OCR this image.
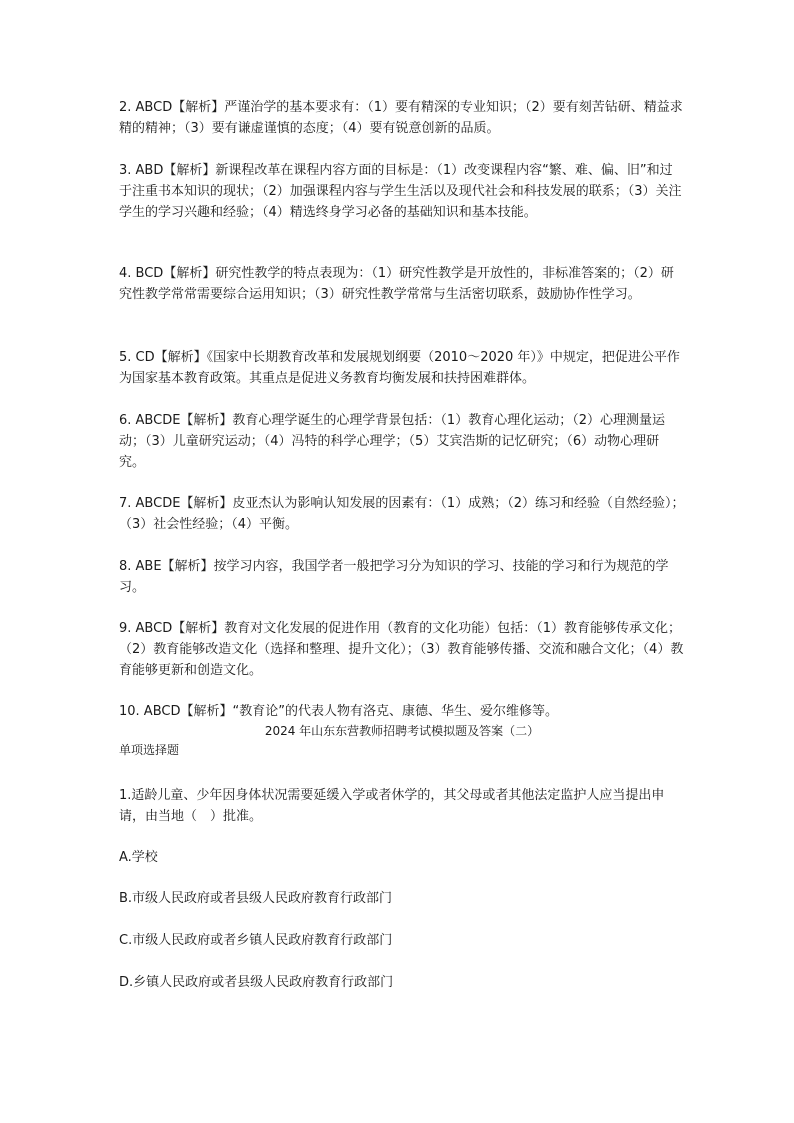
2. ABCD【解析】严谨治学的基本要求有：（1）要有精深的专业知识；（2）要有刻苦钻研、精益求精的精神；（3）要有谦虚谨慎的态度；（4）要有锐意创新的品质。

3. ABD【解析】新课程改革在课程内容方面的目标是：（1）改变课程内容“繁、难、偏、旧”和过于注重书本知识的现状；（2）加强课程内容与学生生活以及现代社会和科技发展的联系；（3）关注学生的学习兴趣和经验；（4）精选终身学习必备的基础知识和基本技能。

4. BCD【解析】研究性教学的特点表现为：（1）研究性教学是开放性的，非标准答案的；（2）研究性教学常常需要综合运用知识；（3）研究性教学常常与生活密切联系，鼓励协作性学习。

5. CD【解析】《国家中长期教育改革和发展规划纲要（2010～2020 年）》中规定，把促进公平作为国家基本教育政策。其重点是促进义务教育均衡发展和扶持困难群体。

6. ABCDE【解析】教育心理学诞生的心理学背景包括：（1）教育心理化运动；（2）心理测量运动；（3）儿童研究运动；（4）冯特的科学心理学；（5）艾宾浩斯的记忆研究；（6）动物心理研究。

7. ABCDE【解析】皮亚杰认为影响认知发展的因素有：（1）成熟；（2）练习和经验（自然经验）；（3）社会性经验；（4）平衡。

8. ABE【解析】按学习内容，我国学者一般把学习分为知识的学习、技能的学习和行为规范的学习。

9. ABCD【解析】教育对文化发展的促进作用（教育的文化功能）包括：（1）教育能够传承文化；（2）教育能够改造文化（选择和整理、提升文化）；（3）教育能够传播、交流和融合文化；（4）教育能够更新和创造文化。

10. ABCD【解析】“教育论”的代表人物有洛克、康德、华生、爱尔维修等。

2024 年山东东营教师招聘考试模拟题及答案（二）

单项选择题

1.适龄儿童、少年因身体状况需要延缓入学或者休学的，其父母或者其他法定监护人应当提出申请，由当地（　）批准。

A.学校

B.市级人民政府或者县级人民政府教育行政部门

C.市级人民政府或者乡镇人民政府教育行政部门

D.乡镇人民政府或者县级人民政府教育行政部门
